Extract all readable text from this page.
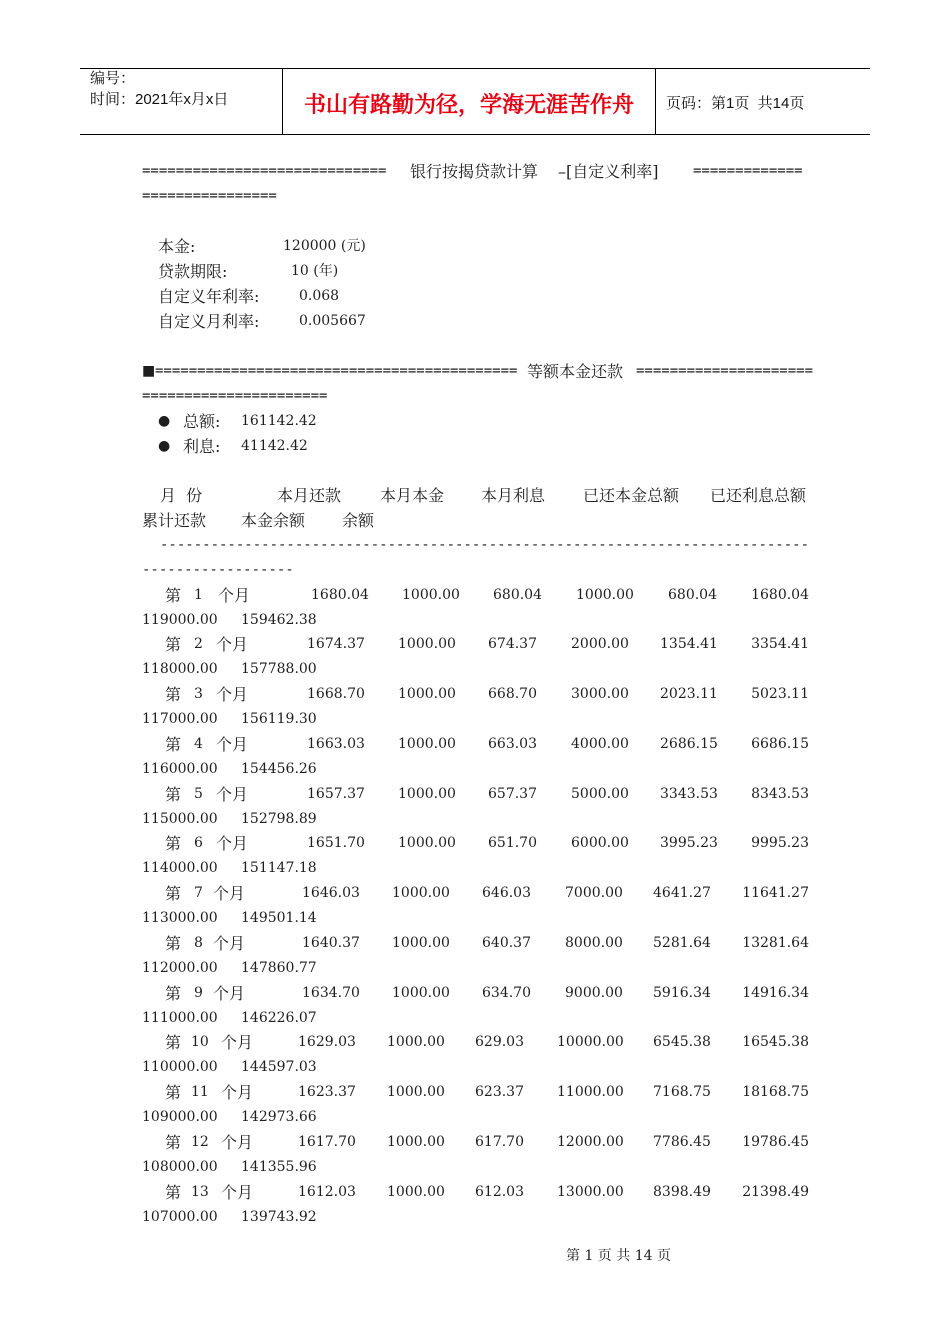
编号：
时间：2021年x月x日	书山有路勤为径，学海无涯苦作舟	页码：第1页  共14页
============================= 银行按揭贷款计算 –[自定义利率] =============
================
本金:	120000 (元)
贷款期限:	10 (年)
自定义年利率:	0.068
自定义月利率:	0.005667
■ =========================================== 等额本金还款 =====================
======================
● 总额: 161142.42
● 利息: 41142.42
月  份	本月还款 本月本金 本月利息 已还本金总额 已还利息总额
累计还款 本金余额 余额
-----------------------------------------------------------------------------
------------------
第 1 个月	1680.04 1000.00 680.04 1000.00 680.04 1680.04
119000.00 159462.38
第 2 个月	1674.37 1000.00 674.37 2000.00 1354.41 3354.41
118000.00 157788.00
第 3 个月	1668.70 1000.00 668.70 3000.00 2023.11 5023.11
117000.00 156119.30
第 4 个月	1663.03 1000.00 663.03 4000.00 2686.15 6686.15
116000.00 154456.26
第 5 个月	1657.37 1000.00 657.37 5000.00 3343.53 8343.53
115000.00 152798.89
第 6 个月	1651.70 1000.00 651.70 6000.00 3995.23 9995.23
114000.00 151147.18
第 7 个月	1646.03 1000.00 646.03 7000.00 4641.27 11641.27
113000.00 149501.14
第 8 个月	1640.37 1000.00 640.37 8000.00 5281.64 13281.64
112000.00 147860.77
第 9 个月	1634.70 1000.00 634.70 9000.00 5916.34 14916.34
111000.00 146226.07
第 10 个月	1629.03 1000.00 629.03 10000.00 6545.38 16545.38
110000.00 144597.03
第 11 个月	1623.37 1000.00 623.37 11000.00 7168.75 18168.75
109000.00 142973.66
第 12 个月	1617.70 1000.00 617.70 12000.00 7786.45 19786.45
108000.00 141355.96
第 13 个月	1612.03 1000.00 612.03 13000.00 8398.49 21398.49
107000.00 139743.92
第 1 页 共 14 页
